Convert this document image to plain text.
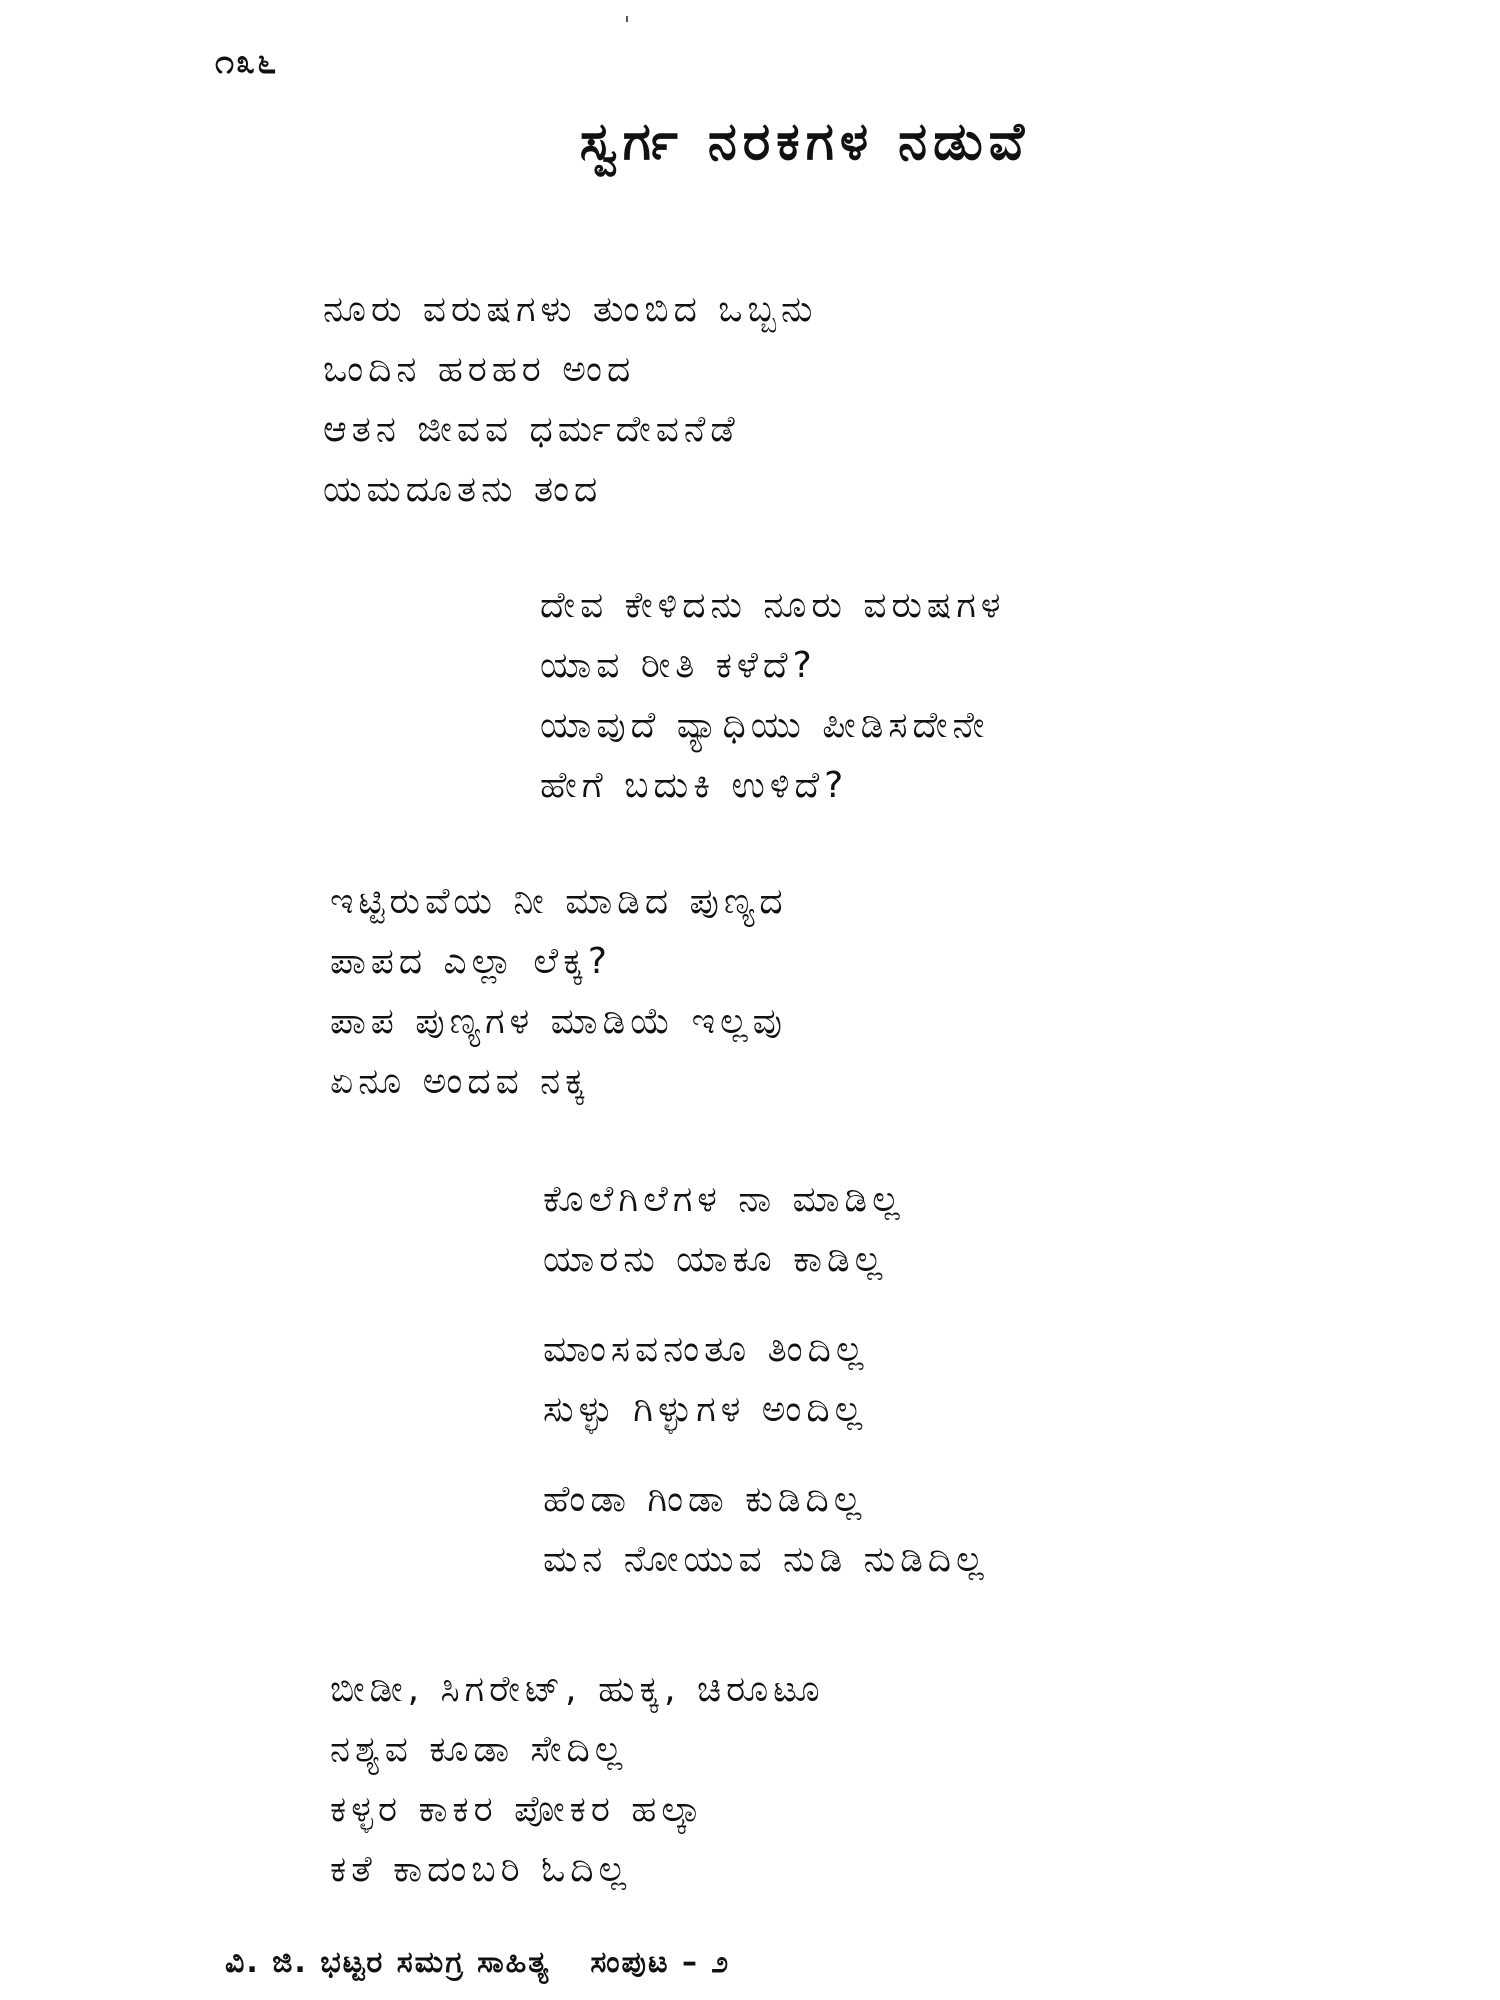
೧೩೬
ಸ್ವರ್ಗ ನರಕಗಳ ನಡುವೆ
ನೂರು ವರುಷಗಳು ತುಂಬಿದ ಒಬ್ಬನು
ಒಂದಿನ ಹರಹರ ಅಂದ
ಆತನ ಜೀವವ ಧರ್ಮದೇವನೆಡೆ
ಯಮದೂತನು ತಂದ
ದೇವ ಕೇಳಿದನು ನೂರು ವರುಷಗಳ
ಯಾವ ರೀತಿ ಕಳೆದೆ?
ಯಾವುದೆ ವ್ಯಾಧಿಯು ಪೀಡಿಸದೇನೇ
ಹೇಗೆ ಬದುಕಿ ಉಳಿದೆ?
ಇಟ್ಟಿರುವೆಯ ನೀ ಮಾಡಿದ ಪುಣ್ಯದ
ಪಾಪದ ಎಲ್ಲಾ ಲೆಕ್ಕ?
ಪಾಪ ಪುಣ್ಯಗಳ ಮಾಡಿಯೆ ಇಲ್ಲವು
ಏನೂ ಅಂದವ ನಕ್ಕ
ಕೊಲೆಗಿಲೆಗಳ ನಾ ಮಾಡಿಲ್ಲ
ಯಾರನು ಯಾಕೂ ಕಾಡಿಲ್ಲ
ಮಾಂಸವನಂತೂ ತಿಂದಿಲ್ಲ
ಸುಳ್ಳು ಗಿಳ್ಳುಗಳ ಅಂದಿಲ್ಲ
ಹೆಂಡಾ ಗಿಂಡಾ ಕುಡಿದಿಲ್ಲ
ಮನ ನೋಯುವ ನುಡಿ ನುಡಿದಿಲ್ಲ
ಬೀಡೀ, ಸಿಗರೇಟ್, ಹುಕ್ಕ, ಚಿರೂಟೂ
ನಶ್ಯವ ಕೂಡಾ ಸೇದಿಲ್ಲ
ಕಳ್ಳರ ಕಾಕರ ಪೋಕರ ಹಲ್ಕಾ
ಕತೆ ಕಾದಂಬರಿ ಓದಿಲ್ಲ
ವಿ. ಜಿ. ಭಟ್ಟರ ಸಮಗ್ರ ಸಾಹಿತ್ಯ ಸಂಪುಟ – ೨
